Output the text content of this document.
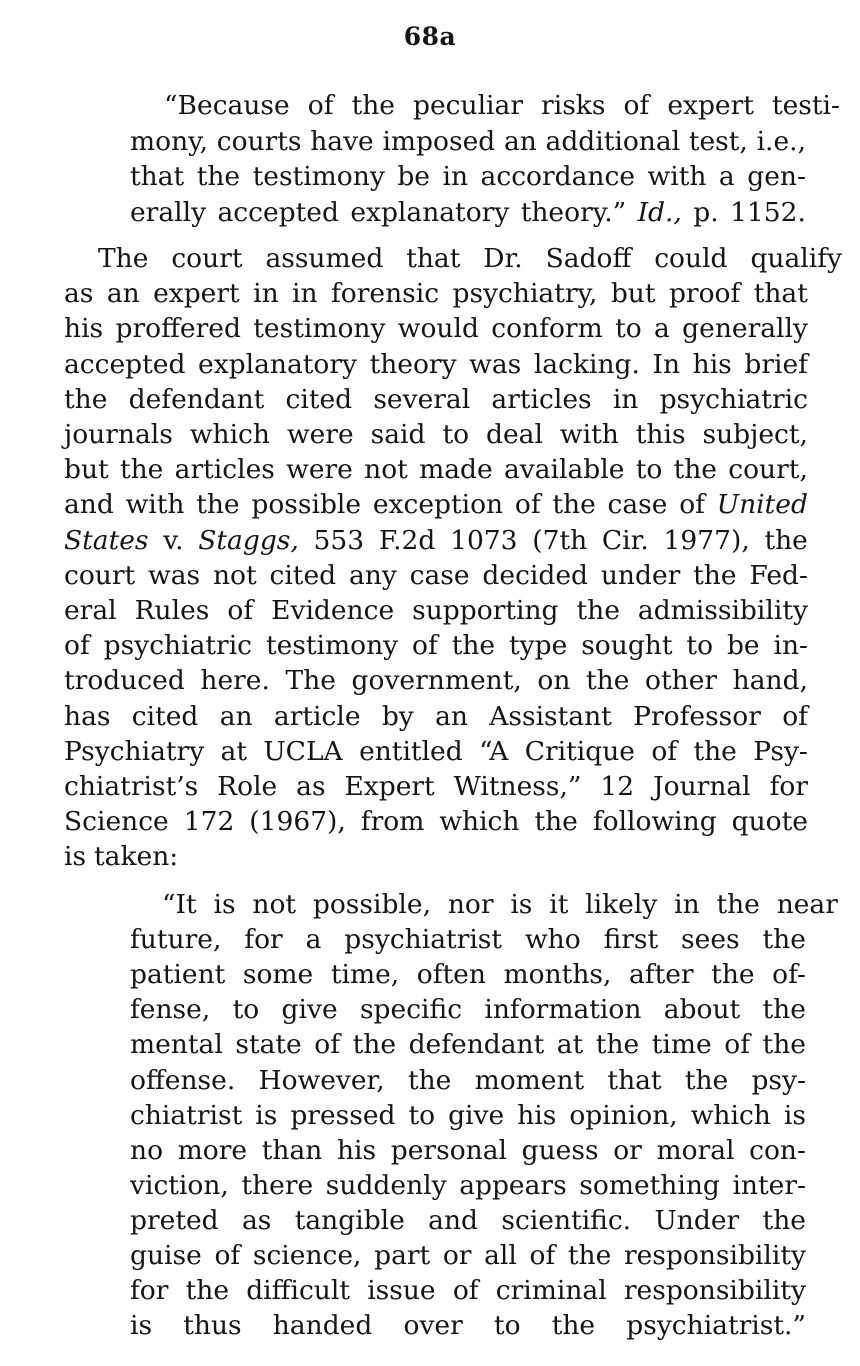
68a
“Because of the peculiar risks of expert testi-
mony, courts have imposed an additional test, i.e.,
that the testimony be in accordance with a gen-
erally accepted explanatory theory.” Id., p. 1152.
The court assumed that Dr. Sadoff could qualify
as an expert in in forensic psychiatry, but proof that
his proffered testimony would conform to a generally
accepted explanatory theory was lacking. In his brief
the defendant cited several articles in psychiatric
journals which were said to deal with this subject,
but the articles were not made available to the court,
and with the possible exception of the case of United
States v. Staggs, 553 F.2d 1073 (7th Cir. 1977), the
court was not cited any case decided under the Fed-
eral Rules of Evidence supporting the admissibility
of psychiatric testimony of the type sought to be in-
troduced here. The government, on the other hand,
has cited an article by an Assistant Professor of
Psychiatry at UCLA entitled “A Critique of the Psy-
chiatrist’s Role as Expert Witness,” 12 Journal for
Science 172 (1967), from which the following quote
is taken:
“It is not possible, nor is it likely in the near
future, for a psychiatrist who first sees the
patient some time, often months, after the of-
fense, to give specific information about the
mental state of the defendant at the time of the
offense. However, the moment that the psy-
chiatrist is pressed to give his opinion, which is
no more than his personal guess or moral con-
viction, there suddenly appears something inter-
preted as tangible and scientific. Under the
guise of science, part or all of the responsibility
for the difficult issue of criminal responsibility
is thus handed over to the psychiatrist.”
